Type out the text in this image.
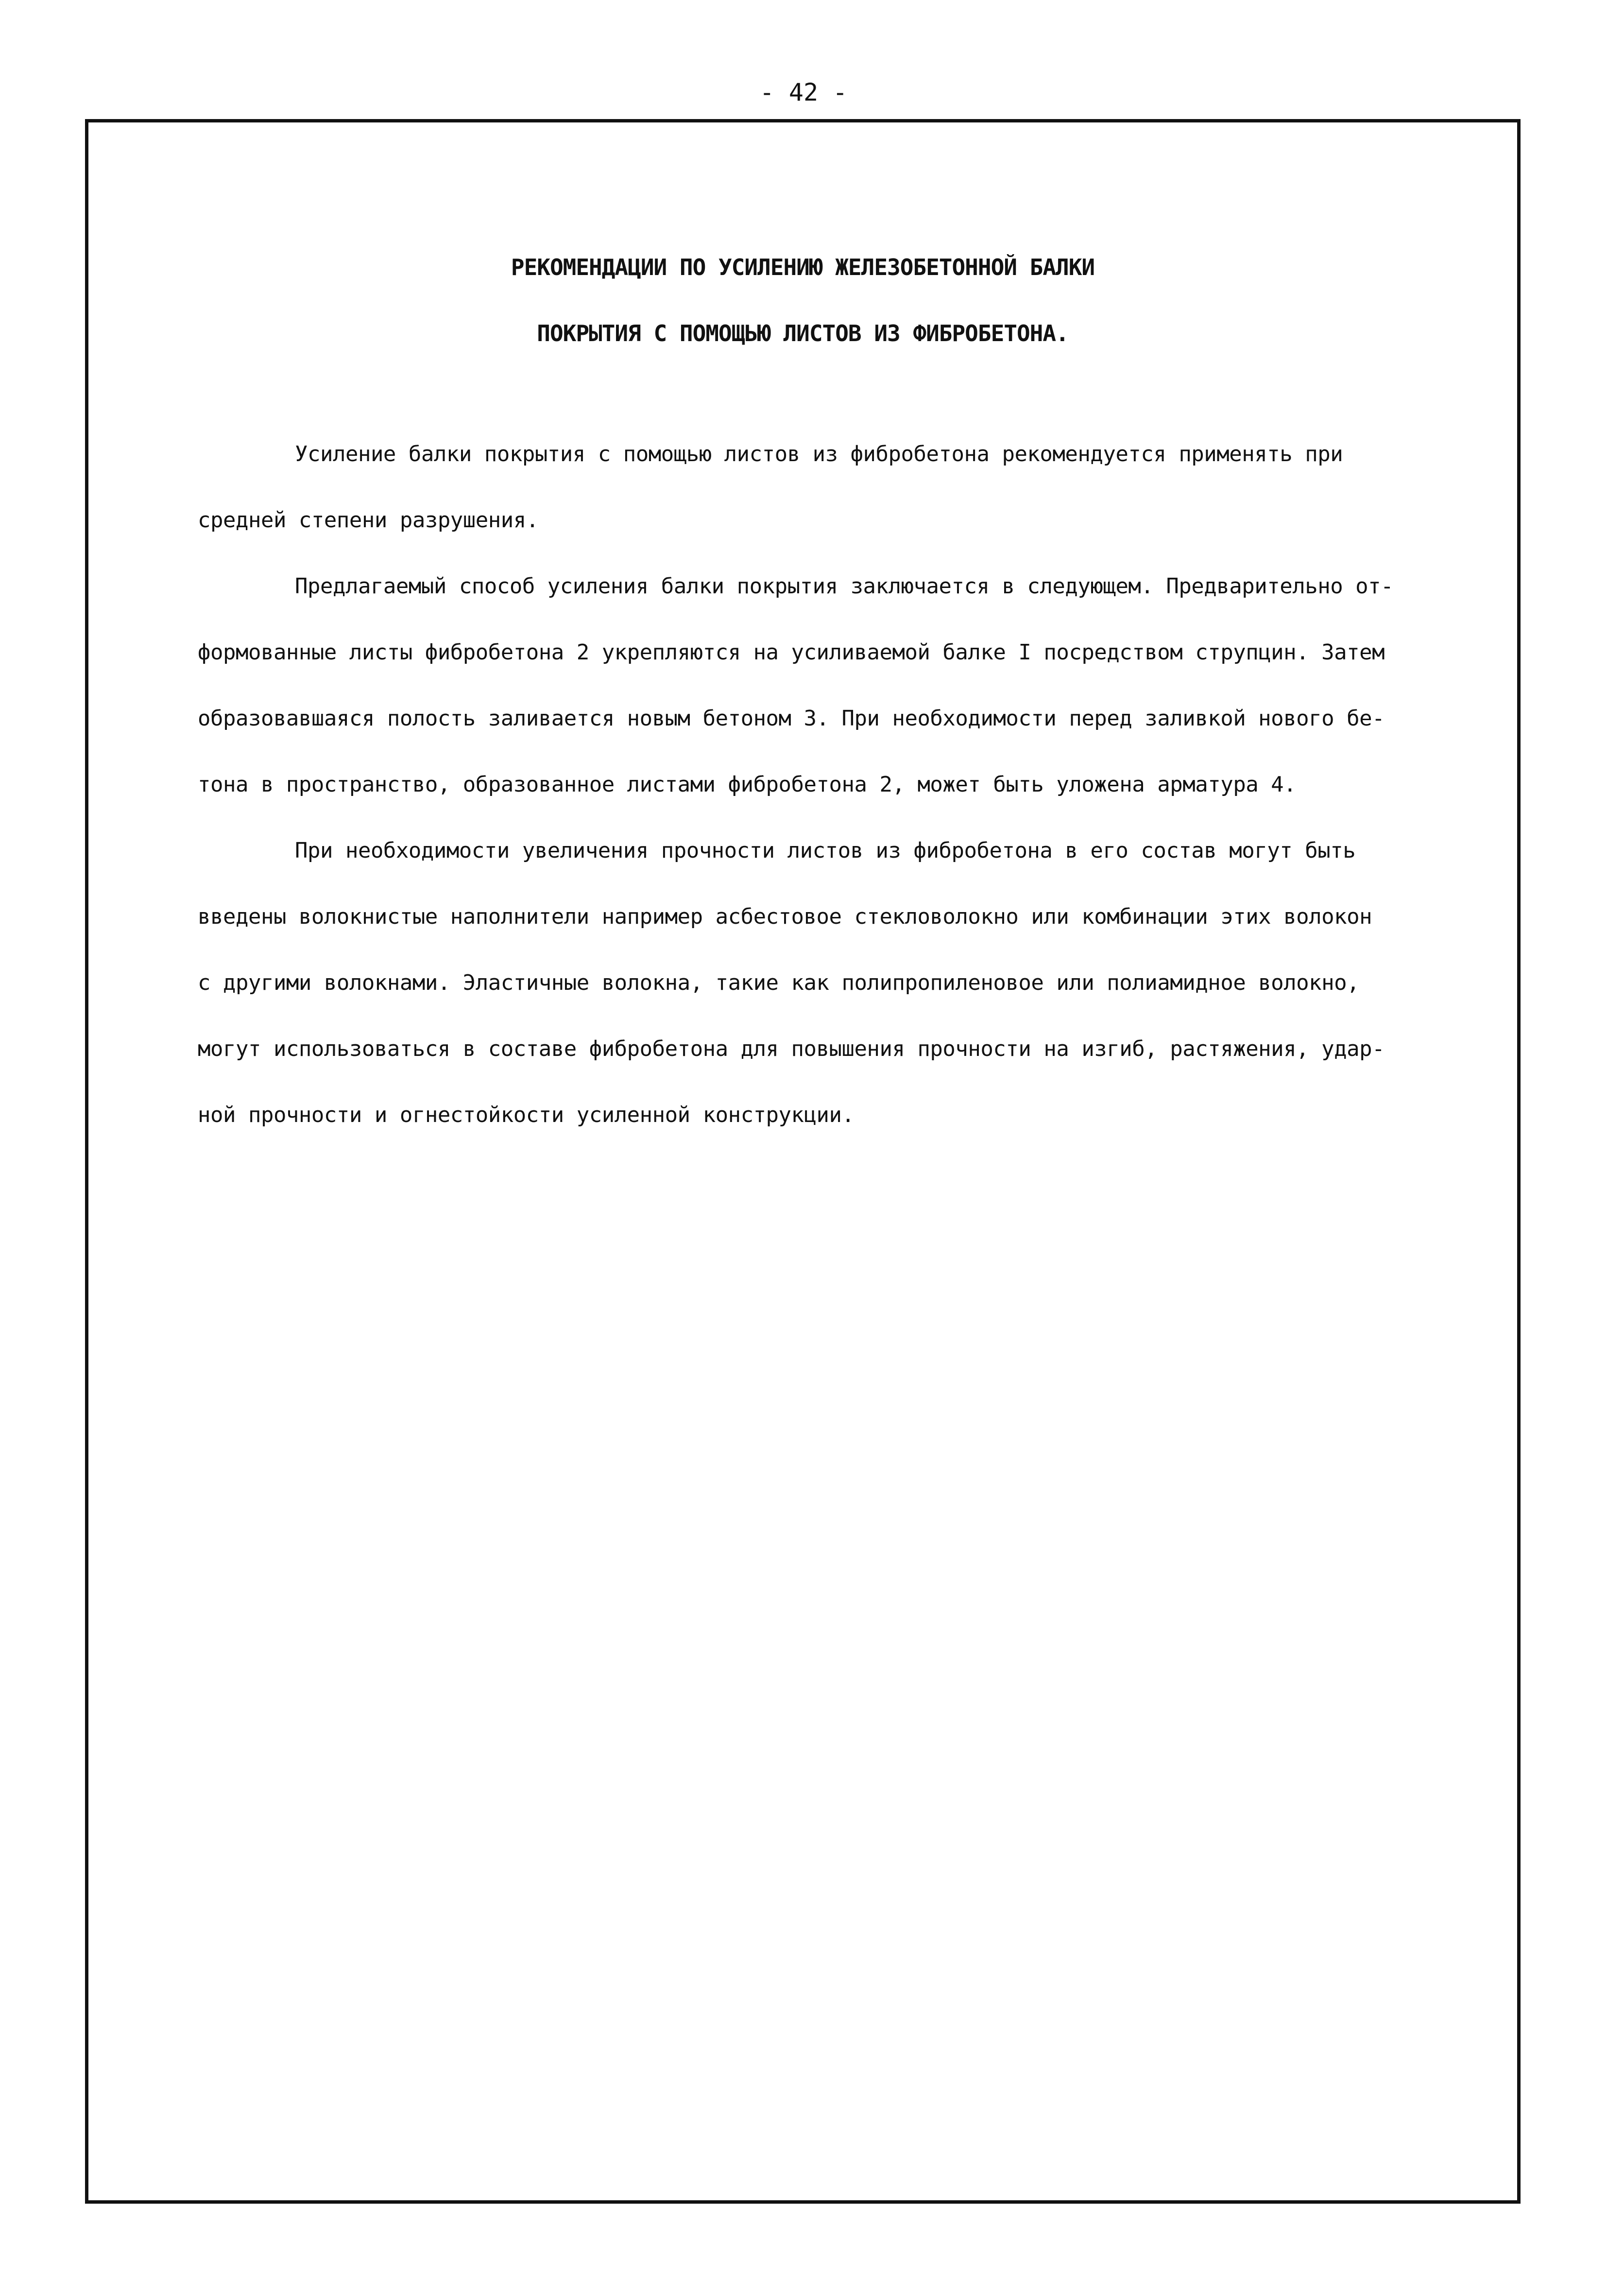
- 42 -
РЕКОМЕНДАЦИИ ПО УСИЛЕНИЮ ЖЕЛЕЗОБЕТОННОЙ БАЛКИ
ПОКРЫТИЯ С ПОМОЩЬЮ ЛИСТОВ ИЗ ФИБРОБЕТОНА.

Усиление балки покрытия с помощью листов из фибробетона рекомендуется применять при
средней степени разрушения.

Предлагаемый способ усиления балки покрытия заключается в следующем. Предварительно от-
формованные листы фибробетона 2 укрепляются на усиливаемой балке I посредством струпцин. Затем
образовавшаяся полость заливается новым бетоном 3. При необходимости перед заливкой нового бе-
тона в пространство, образованное листами фибробетона 2, может быть уложена арматура 4.

При необходимости увеличения прочности листов из фибробетона в его состав могут быть
введены волокнистые наполнители например асбестовое стекловолокно или комбинации этих волокон
с другими волокнами. Эластичные волокна, такие как полипропиленовое или полиамидное волокно,
могут использоваться в составе фибробетона для повышения прочности на изгиб, растяжения, удар-
ной прочности и огнестойкости усиленной конструкции.
